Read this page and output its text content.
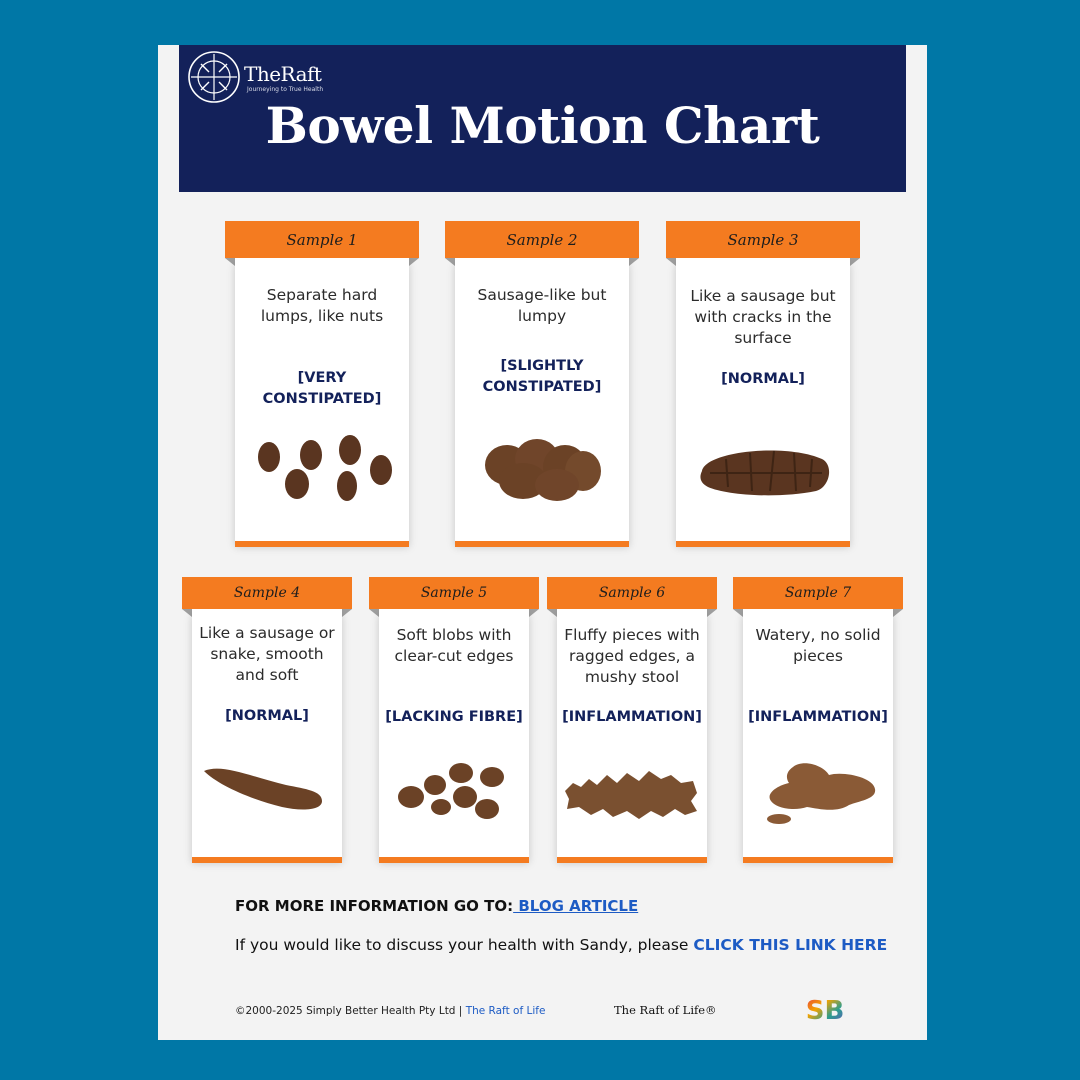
TheRaft
Journeying to True Health
Bowel Motion Chart
Sample 1
Separate hard lumps, like nuts
[VERY CONSTIPATED]
Sample 2
Sausage-like but lumpy
[SLIGHTLY CONSTIPATED]
Sample 3
Like a sausage but with cracks in the surface
[NORMAL]
Sample 4
Like a sausage or snake, smooth and soft
[NORMAL]
Sample 5
Soft blobs with clear-cut edges
[LACKING FIBRE]
Sample 6
Fluffy pieces with ragged edges, a mushy stool
[INFLAMMATION]
Sample 7
Watery, no solid pieces
[INFLAMMATION]
FOR MORE INFORMATION GO TO: BLOG ARTICLE
If you would like to discuss your health with Sandy, please CLICK THIS LINK HERE
©2000-2025 Simply Better Health Pty Ltd | The Raft of Life	The Raft of Life®	SB
